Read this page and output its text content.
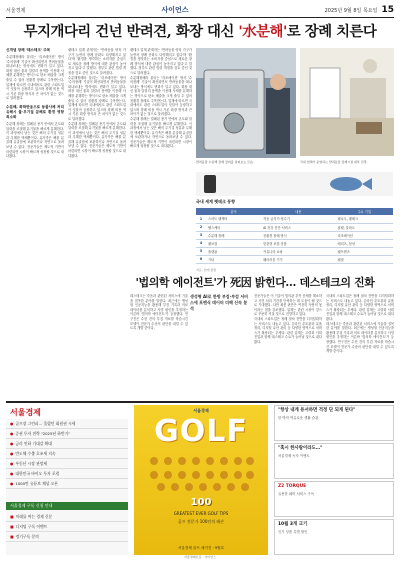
서울경제	사이언스	2025년 9월 8일 목요일 15
무지개다리 건넌 반려견, 화장 대신 '水분해'로 장례 치른다
신개념 장례 '테스테크' 주목
수분해장례라 불리는 '리조메이션' 방식 '수의장례' 기술이 확산되면서 반려동물을 떠나보내는 방식에도 변화가 일고 있다. 화장 대신 물과 알칼리 용액을 이용해 사체를 분해하는 방식으로 탄소 배출을 크게 줄일 수 있어 친환경 장례로 주목받는다. 업계에 따르면 국내에서도 관련 스타트업이 잇달아 등장하고 있으며 장례 비용 역시 기존 화장 방식과 큰 차이가 없는 것으로 알려졌다.
수분해, 화학반응으로 동물사체 처리 유해시 물·무기질 분해로 환경 영향 최소화
수분해 장례는 밀폐된 용기 안에서 온도와 압력을 조절해 유기물을 빠르게 분해한다. 이 과정에서 남는 것은 뼈의 무기질 성분과 무해한 액체뿐이다. 유가족은 뼈를 분골해 유골함에 보관하거나 자연으로 돌려보낼 수 있다. 전문가들은 제도적 기반이 마련되면 시장이 빠르게 성장할 것으로 내다봤다.
펫테크 업계 관계자는 '반려동물 양육 가구가 늘면서 장례 문화도 다양해지고 있다'며 '환경을 생각하는 소비자를 중심으로 새로운 장례 방식에 대한 관심이 높아지고 있다'고 말했다. 정부도 관련 법령 개정을 검토 중인 것으로 알려졌다.
수분해장례라 불리는 '리조메이션' 방식 '수의장례' 기술이 확산되면서 반려동물을 떠나보내는 방식에도 변화가 일고 있다. 화장 대신 물과 알칼리 용액을 이용해 사체를 분해하는 방식으로 탄소 배출을 크게 줄일 수 있어 친환경 장례로 주목받는다. 업계에 따르면 국내에서도 관련 스타트업이 잇달아 등장하고 있으며 장례 비용 역시 기존 화장 방식과 큰 차이가 없는 것으로 알려졌다.
수분해 장례는 밀폐된 용기 안에서 온도와 압력을 조절해 유기물을 빠르게 분해한다. 이 과정에서 남는 것은 뼈의 무기질 성분과 무해한 액체뿐이다. 유가족은 뼈를 분골해 유골함에 보관하거나 자연으로 돌려보낼 수 있다. 전문가들은 제도적 기반이 마련되면 시장이 빠르게 성장할 것으로 내다봤다.
펫테크 업계 관계자는 '반려동물 양육 가구가 늘면서 장례 문화도 다양해지고 있다'며 '환경을 생각하는 소비자를 중심으로 새로운 장례 방식에 대한 관심이 높아지고 있다'고 말했다. 정부도 관련 법령 개정을 검토 중인 것으로 알려졌다.
수분해장례라 불리는 '리조메이션' 방식 '수의장례' 기술이 확산되면서 반려동물을 떠나보내는 방식에도 변화가 일고 있다. 화장 대신 물과 알칼리 용액을 이용해 사체를 분해하는 방식으로 탄소 배출을 크게 줄일 수 있어 친환경 장례로 주목받는다. 업계에 따르면 국내에서도 관련 스타트업이 잇달아 등장하고 있으며 장례 비용 역시 기존 화장 방식과 큰 차이가 없는 것으로 알려졌다.
수분해 장례는 밀폐된 용기 안에서 온도와 압력을 조절해 유기물을 빠르게 분해한다. 이 과정에서 남는 것은 뼈의 무기질 성분과 무해한 액체뿐이다. 유가족은 뼈를 분골해 유골함에 보관하거나 자연으로 돌려보낼 수 있다. 전문가들은 제도적 기반이 마련되면 시장이 빠르게 성장할 것으로 내다봤다.
반려동물 수분해 장례 장비를 살펴보는 모습.	국내 업체가 운영하는 반려동물 장례시설 내부 전경.
국내 세계 펫테크 동향
	분야	내용	주요 기업
1	스마트 펫케어	자동 급식기·정수기	펫나우, 펫테크
2	헬스케어	AI 건강 진단 서비스	핏펫, 알파도
3	수분해 장례	친환경 장례 방식	리조메이션
4	펫보험	맞춤형 보험 상품	메리츠, 삼성
5	플랫폼	커뮤니티·쇼핑	펫프렌즈
6	기타	웨어러블 기기	펫핏
자료: 업계 종합
'법의학 에이전트'가 死因 밝힌다… 데스테크의 진화
데스테크는 죽음과 관련된 서비스에 기술을 접목한 분야를 말한다. 최근에는 생성형 인공지능을 활용해 부검 기록과 의료 데이터를 분석하고 사망 원인을 추정하는 이른바 '법의학 에이전트'가 등장했다. 연구진은 수천 건의 부검 자료를 학습시킨 모델이 전문가 수준의 판단을 내릴 수 있도록 개발 중이다.
생성형 AI로 한방 부검·부검 서비스에 포렌식 데이터 더해 신속 분석
전문가들은 이 기술이 법의관 부족 문제를 해소하고 사건 처리 기간을 단축하는 데 도움이 될 것으로 기대했다. 다만 최종 판단은 여전히 사람의 몫이라는 점을 강조했다. 업계는 관련 시장이 앞으로 꾸준히 커질 것으로 전망하고 있다.
국내외 스타트업은 장례 절차 전반을 디지털화하는 서비스도 내놓고 있다. 온라인 추모관과 유품 정리, 디지털 유산 관리 등 다양한 영역으로 서비스가 확장되는 추세다. 관련 업계는 고령화 사회 진입과 함께 데스테크 수요가 늘어날 것으로 내다봤다.
국내외 스타트업은 장례 절차 전반을 디지털화하는 서비스도 내놓고 있다. 온라인 추모관과 유품 정리, 디지털 유산 관리 등 다양한 영역으로 서비스가 확장되는 추세다. 관련 업계는 고령화 사회 진입과 함께 데스테크 수요가 늘어날 것으로 내다봤다.
데스테크는 죽음과 관련된 서비스에 기술을 접목한 분야를 말한다. 최근에는 생성형 인공지능을 활용해 부검 기록과 의료 데이터를 분석하고 사망 원인을 추정하는 이른바 '법의학 에이전트'가 등장했다. 연구진은 수천 건의 부검 자료를 학습시킨 모델이 전문가 수준의 판단을 내릴 수 있도록 개발 중이다.
서울경제
● 골프장 그린피… 올랐던 회원권 시세
● 증권 투자 전략 "2025년 하반기"
● 금리 인하 기대감 확대
● 반도체 수출 호조세 지속
● 부동산 시장 관망세
● 대한민국 바이오 투자 포럼
● 1000만 유튜브 채널 오픈
서울경제 구독 신청 안내
■ 미래를 여는 경제 신문
■ 디지털 구독 이벤트
■ 정기구독 문의
서울경제
GOLF
100
GREATEST EVER GOLF TIPS
골프 전문가 100인의 레슨
서울경제 골프 매거진 · 9월호
"항상 내게 용서하면 걱정 단 되게 된다"
한 박자 여유로운 생활 습관
"혹시 한사람이라도…"
서울경제 독자 이벤트
Z2 TORQUE
유용한 쉐어 서비스 구독
10월 3개 크기
인기 상품 특별 할인
서울경제신문 · 사이언스
